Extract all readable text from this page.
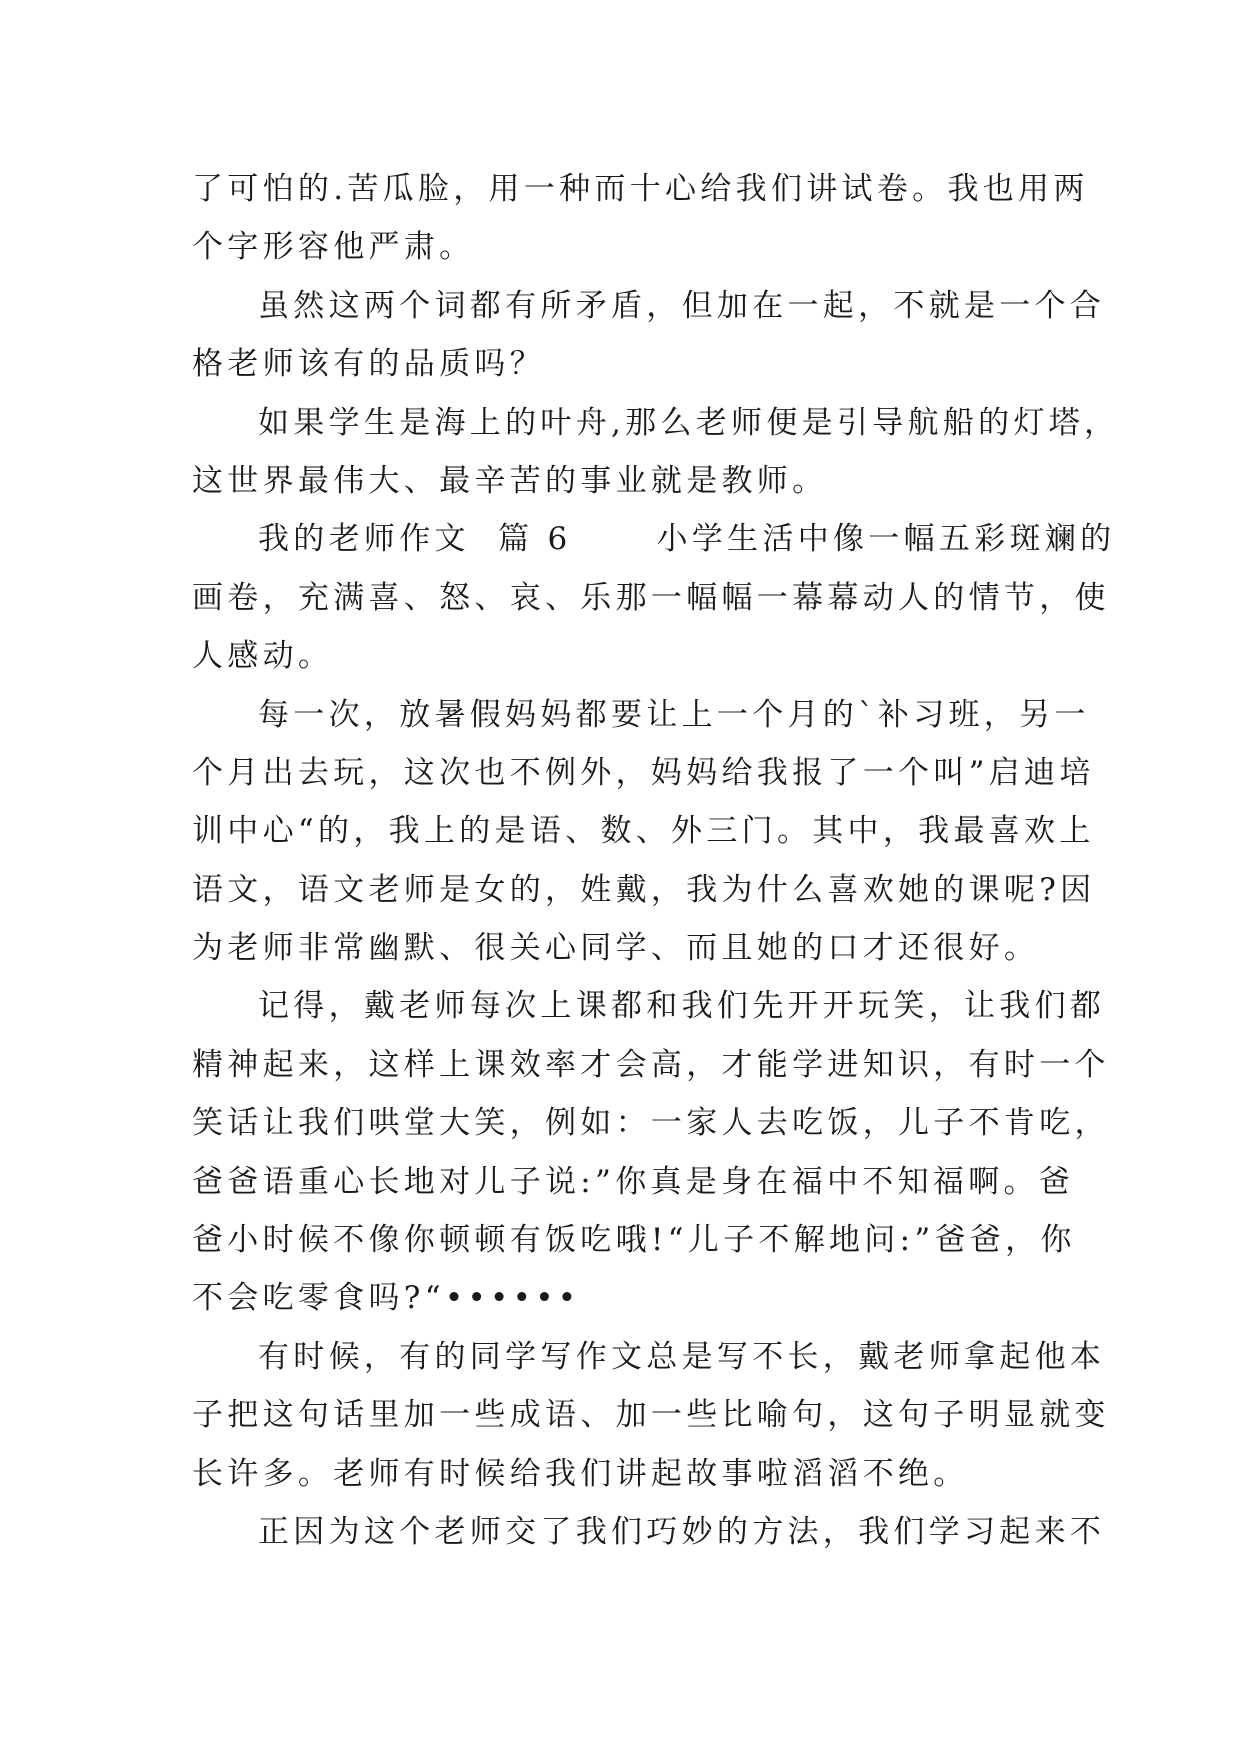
了可怕的.苦瓜脸，用一种而十心给我们讲试卷。我也用两
个字形容他严肃。
虽然这两个词都有所矛盾，但加在一起，不就是一个合
格老师该有的品质吗？
如果学生是海上的叶舟,那么老师便是引导航船的灯塔，
这世界最伟大、最辛苦的事业就是教师。
我的老师作文  篇 6      小学生活中像一幅五彩斑斓的
画卷，充满喜、怒、哀、乐那一幅幅一幕幕动人的情节，使
人感动。
每一次，放暑假妈妈都要让上一个月的`补习班，另一
个月出去玩，这次也不例外，妈妈给我报了一个叫”启迪培
训中心“的，我上的是语、数、外三门。其中，我最喜欢上
语文，语文老师是女的，姓戴，我为什么喜欢她的课呢?因
为老师非常幽默、很关心同学、而且她的口才还很好。
记得，戴老师每次上课都和我们先开开玩笑，让我们都
精神起来，这样上课效率才会高，才能学进知识，有时一个
笑话让我们哄堂大笑，例如：一家人去吃饭，儿子不肯吃，
爸爸语重心长地对儿子说:”你真是身在福中不知福啊。爸
爸小时候不像你顿顿有饭吃哦!“儿子不解地问:”爸爸，你
不会吃零食吗?“••••••
有时候，有的同学写作文总是写不长，戴老师拿起他本
子把这句话里加一些成语、加一些比喻句，这句子明显就变
长许多。老师有时候给我们讲起故事啦滔滔不绝。
正因为这个老师交了我们巧妙的方法，我们学习起来不
